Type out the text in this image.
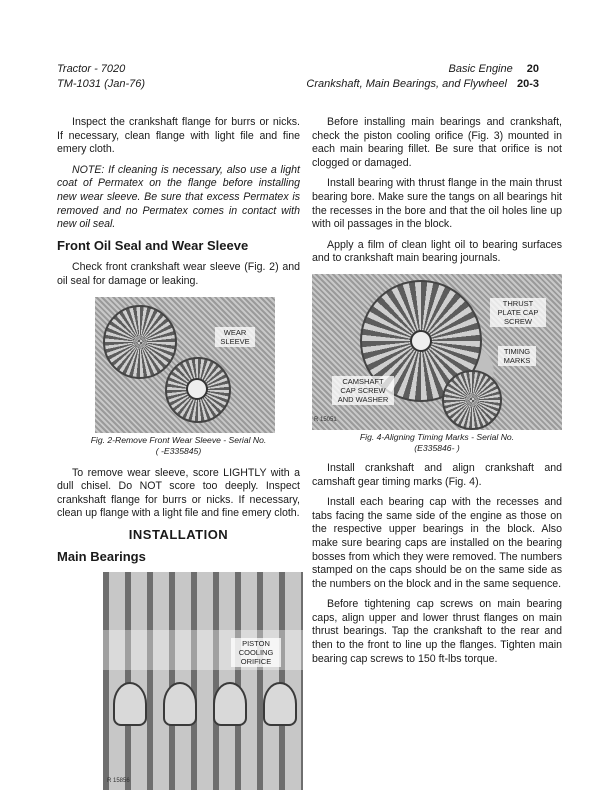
Tractor - 7020
TM-1031 (Jan-76)
Basic Engine 20
Crankshaft, Main Bearings, and Flywheel 20-3

Inspect the crankshaft flange for burrs or nicks. If necessary, clean flange with light file and fine emery cloth.

NOTE: If cleaning is necessary, also use a light coat of Permatex on the flange before installing new wear sleeve. Be sure that excess Permatex is removed and no Permatex comes in contact with new oil seal.

Front Oil Seal and Wear Sleeve

Check front crankshaft wear sleeve (Fig. 2) and oil seal for damage or leaking.

WEAR SLEEVE
Fig. 2-Remove Front Wear Sleeve - Serial No.
( -E335845)

To remove wear sleeve, score LIGHTLY with a dull chisel. Do NOT score too deeply. Inspect crankshaft flange for burrs or nicks. If necessary, clean up flange with a light file and fine emery cloth.

INSTALLATION
Main Bearings
PISTON COOLING ORIFICE
R 15856

Before installing main bearings and crankshaft, check the piston cooling orifice (Fig. 3) mounted in each main bearing fillet. Be sure that orifice is not clogged or damaged.

Install bearing with thrust flange in the main thrust bearing bore. Make sure the tangs on all bearings hit the recesses in the bore and that the oil holes line up with oil passages in the block.

Apply a film of clean light oil to bearing surfaces and to crankshaft main bearing journals.

THRUST PLATE CAP SCREW
TIMING MARKS
CAMSHAFT CAP SCREW AND WASHER
R 15051
Fig. 4-Aligning Timing Marks - Serial No.
(E335846- )

Install crankshaft and align crankshaft and camshaft gear timing marks (Fig. 4).

Install each bearing cap with the recesses and tabs facing the same side of the engine as those on the respective upper bearings in the block. Also make sure bearing caps are installed on the bearing bosses from which they were removed. The numbers stamped on the caps should be on the same side as the numbers on the block and in the same sequence.

Before tightening cap screws on main bearing caps, align upper and lower thrust flanges on main thrust bearings. Tap the crankshaft to the rear and then to the front to line up the flanges. Tighten main bearing cap screws to 150 ft-lbs torque.
